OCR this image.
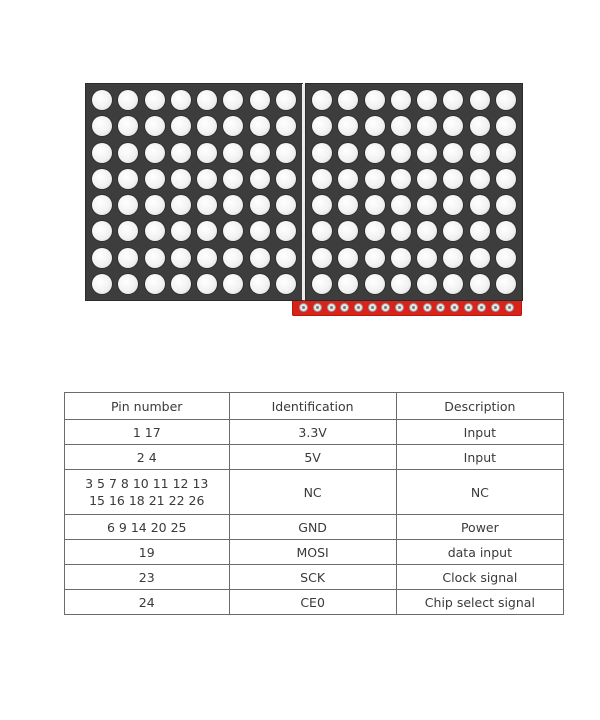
Pin number	Identification	Description
1 17	3.3V	Input
2 4	5V	Input

3 5 7 8 10 11 12 13
15 16 18 21 22 26	NC	NC
6 9 14 20 25	GND	Power
19	MOSI	data input
23	SCK	Clock signal
24	CE0	Chip select signal
